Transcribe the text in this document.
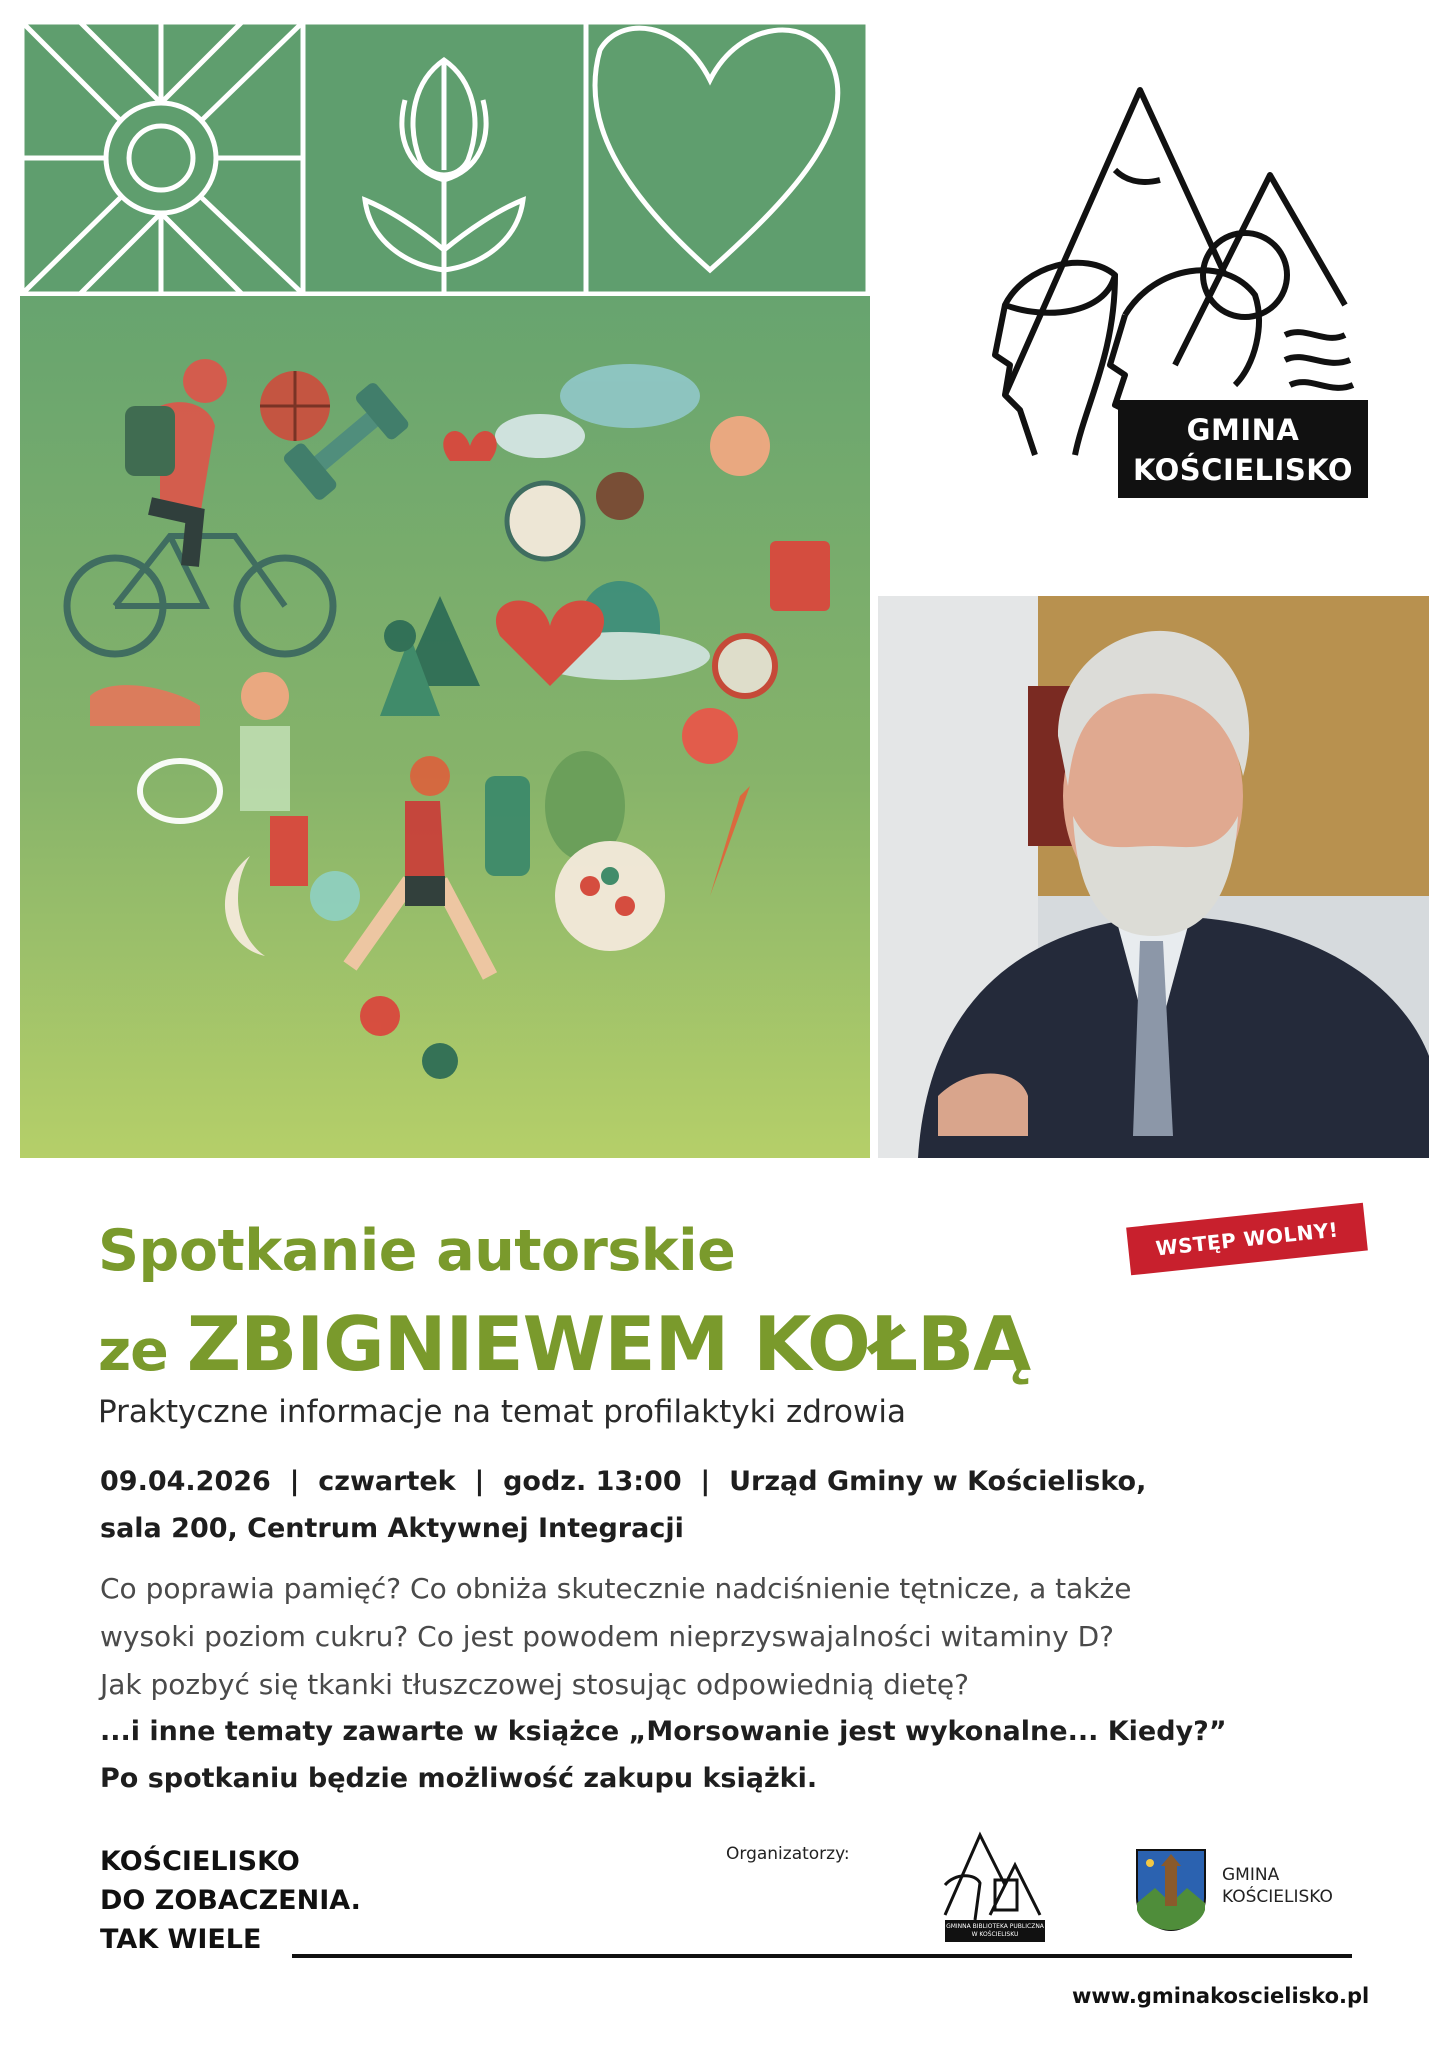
GMINA
KOŚCIELISKO
WSTĘP WOLNY!
Spotkanie autorskie
ze ZBIGNIEWEM KOŁBĄ
Praktyczne informacje na temat profilaktyki zdrowia
09.04.2026  |  czwartek  |  godz. 13:00  |  Urząd Gminy w Kościelisko,
sala 200, Centrum Aktywnej Integracji
Co poprawia pamięć? Co obniża skutecznie nadciśnienie tętnicze, a także
wysoki poziom cukru? Co jest powodem nieprzyswajalności witaminy D?
Jak pozbyć się tkanki tłuszczowej stosując odpowiednią dietę?
...i inne tematy zawarte w książce „Morsowanie jest wykonalne... Kiedy?”
Po spotkaniu będzie możliwość zakupu książki.
KOŚCIELISKO
DO ZOBACZENIA.
TAK WIELE
Organizatorzy:
GMINNA BIBLIOTEKA PUBLICZNA W KOŚCIELISKU
GMINA
KOŚCIELISKO
www.gminakoscielisko.pl
